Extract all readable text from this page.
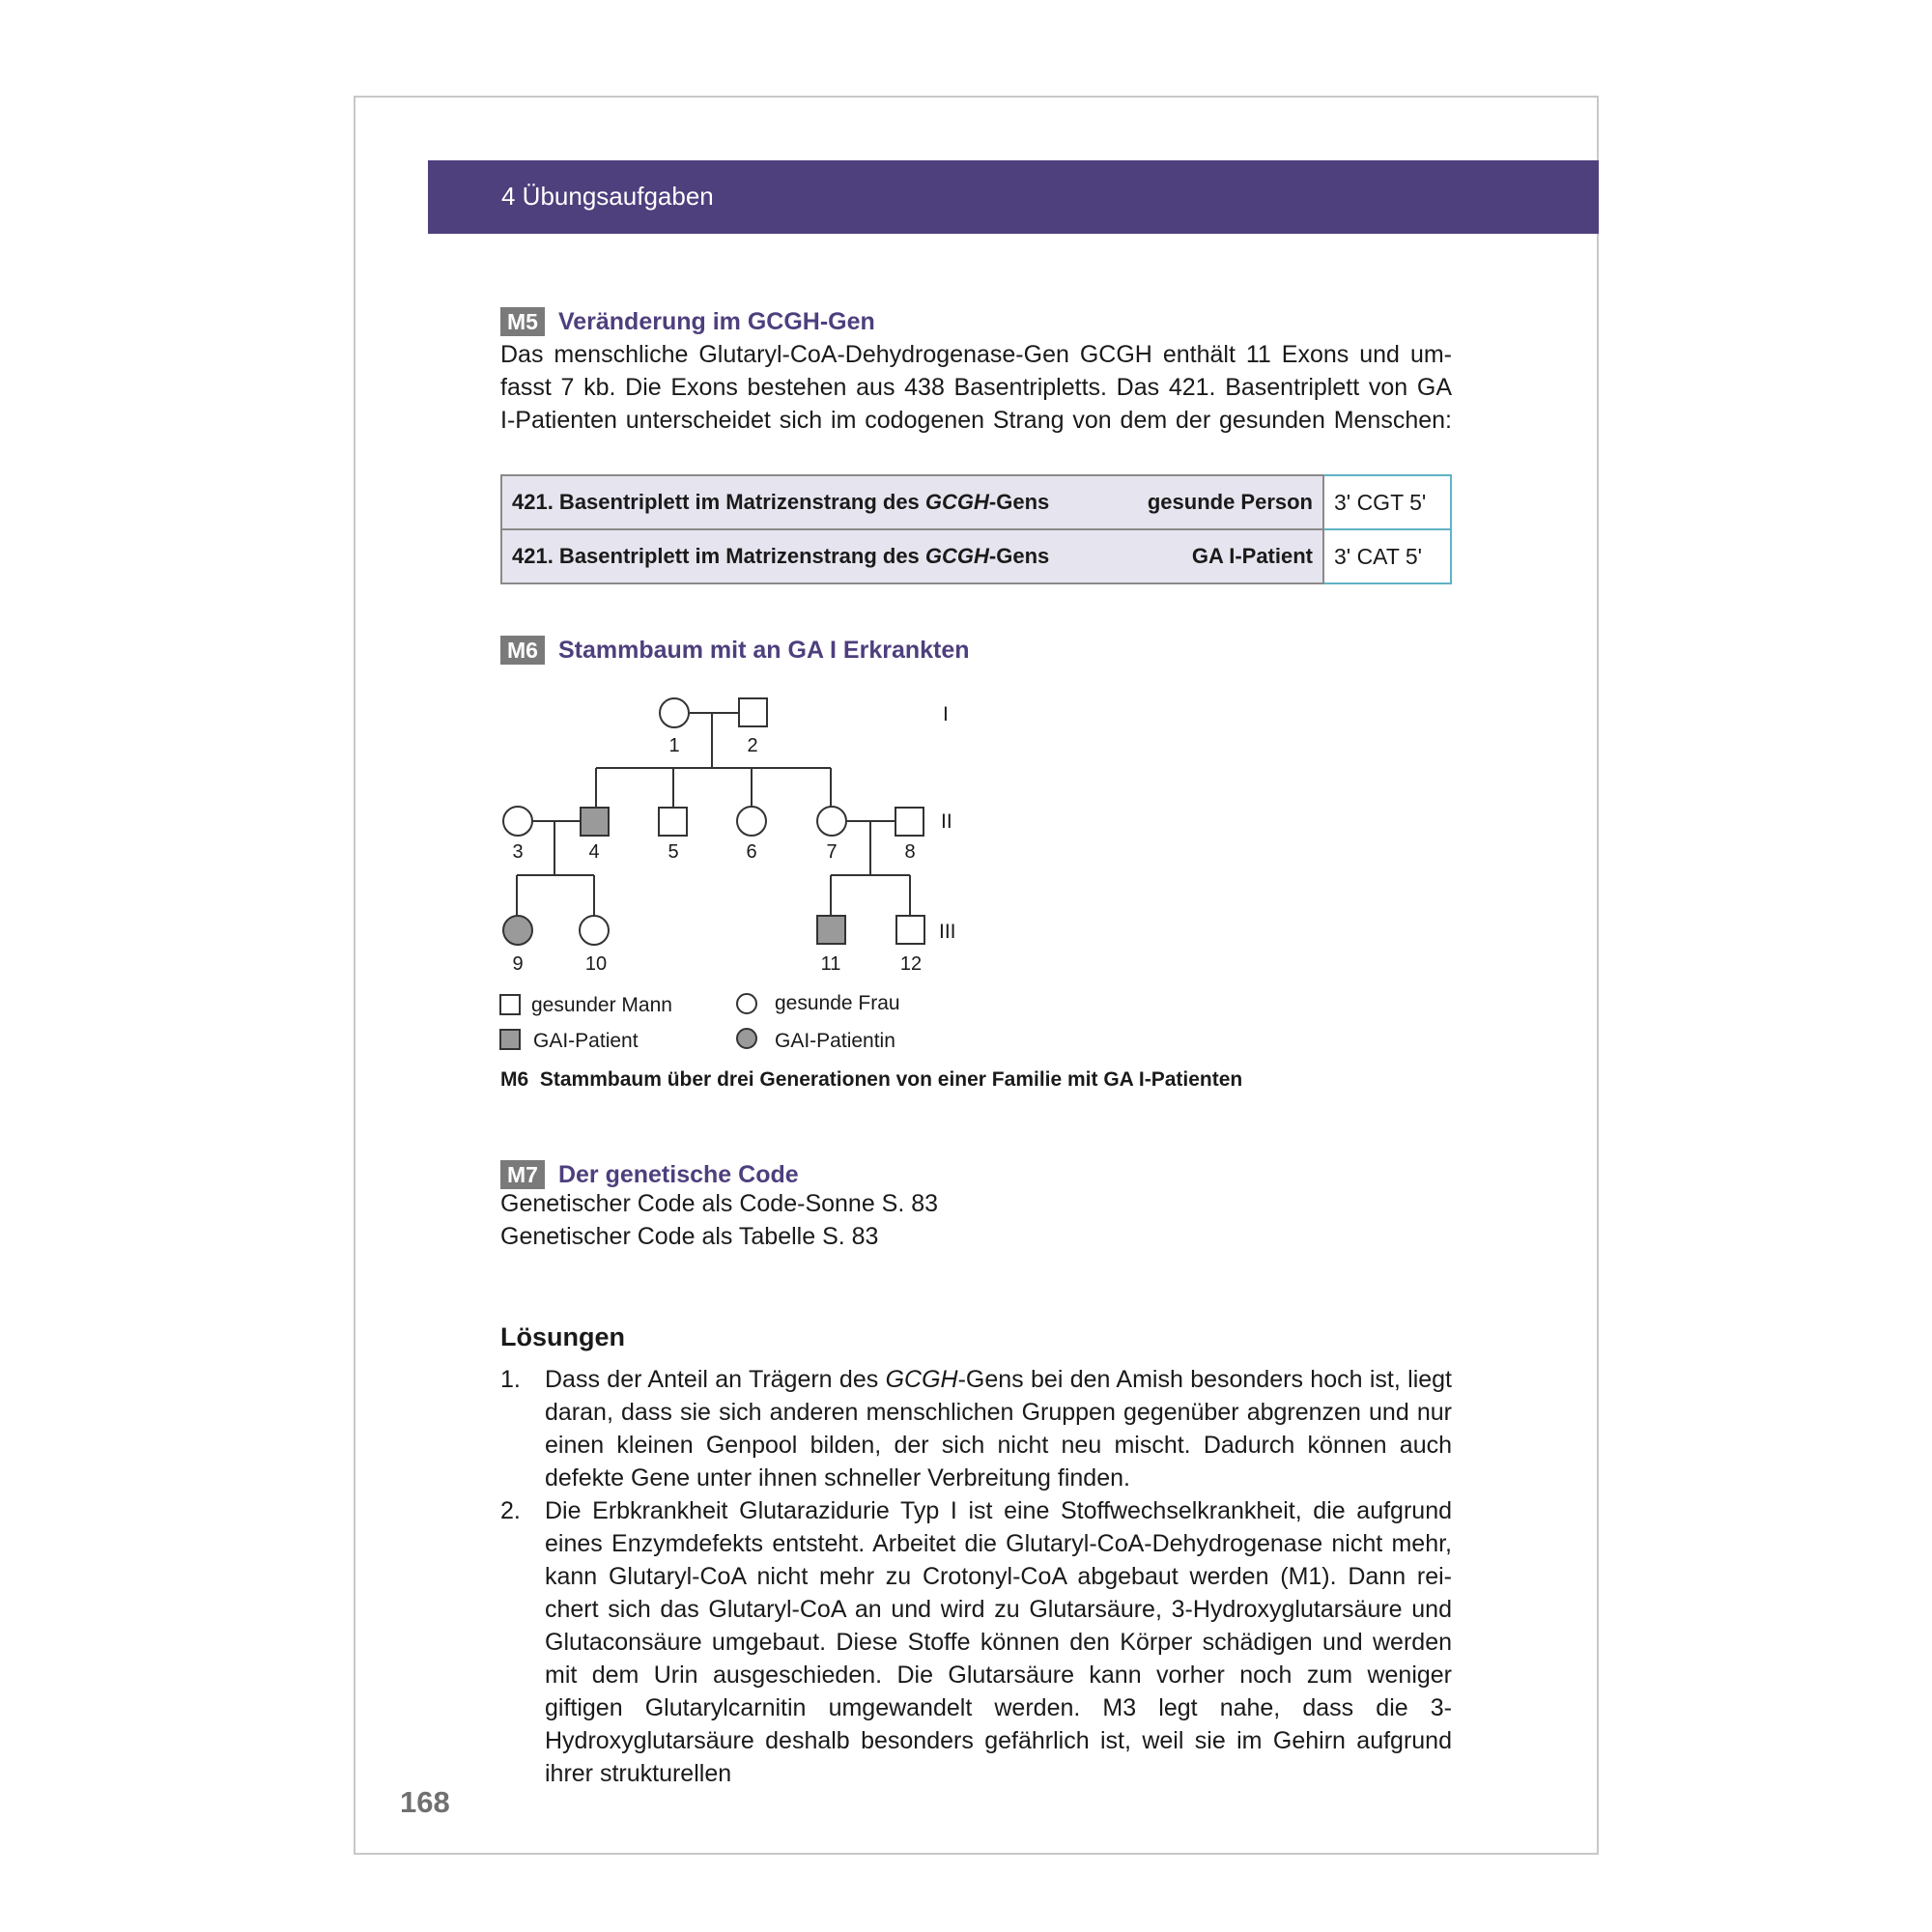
4 Übungsaufgaben
M5 Veränderung im GCGH-Gen
Das menschliche Glutaryl-CoA-Dehydrogenase-Gen GCGH enthält 11 Exons und um-
fasst 7 kb. Die Exons bestehen aus 438 Basentripletts. Das 421. Basentriplett von GA
I-Patienten unterscheidet sich im codogenen Strang von dem der gesunden Menschen:
421. Basentriplett im Matrizenstrang des GCGH-Gens	gesunde Person	3' CGT 5'
421. Basentriplett im Matrizenstrang des GCGH-Gens	GA I-Patient	3' CAT 5'
M6 Stammbaum mit an GA I Erkrankten
1	2
3	4	5	6	7	8
9	10	11	12
I
II
III
gesunder Mann
GAI-Patient
gesunde Frau
GAI-Patientin
M6 Stammbaum über drei Generationen von einer Familie mit GA I-Patienten
M7 Der genetische Code
Genetischer Code als Code-Sonne S. 83
Genetischer Code als Tabelle S. 83
Lösungen
1.	Dass der Anteil an Trägern des GCGH-Gens bei den Amish besonders hoch ist, liegt daran, dass sie sich anderen menschlichen Gruppen gegenüber abgrenzen und nur einen kleinen Genpool bilden, der sich nicht neu mischt. Dadurch können auch defekte Gene unter ihnen schneller Verbreitung finden.
2.	Die Erbkrankheit Glutarazidurie Typ I ist eine Stoffwechselkrankheit, die aufgrund eines Enzymdefekts entsteht. Arbeitet die Glutaryl-CoA-Dehydrogenase nicht mehr, kann Glutaryl-CoA nicht mehr zu Crotonyl-CoA abgebaut werden (M1). Dann rei-chert sich das Glutaryl-CoA an und wird zu Glutarsäure, 3-Hydroxyglutarsäure und Glutaconsäure umgebaut. Diese Stoffe können den Körper schädigen und werden mit dem Urin ausgeschieden. Die Glutarsäure kann vorher noch zum weniger giftigen Glutarylcarnitin umgewandelt werden. M3 legt nahe, dass die 3-Hydroxyglutarsäure deshalb besonders gefährlich ist, weil sie im Gehirn aufgrund ihrer strukturellen
168
